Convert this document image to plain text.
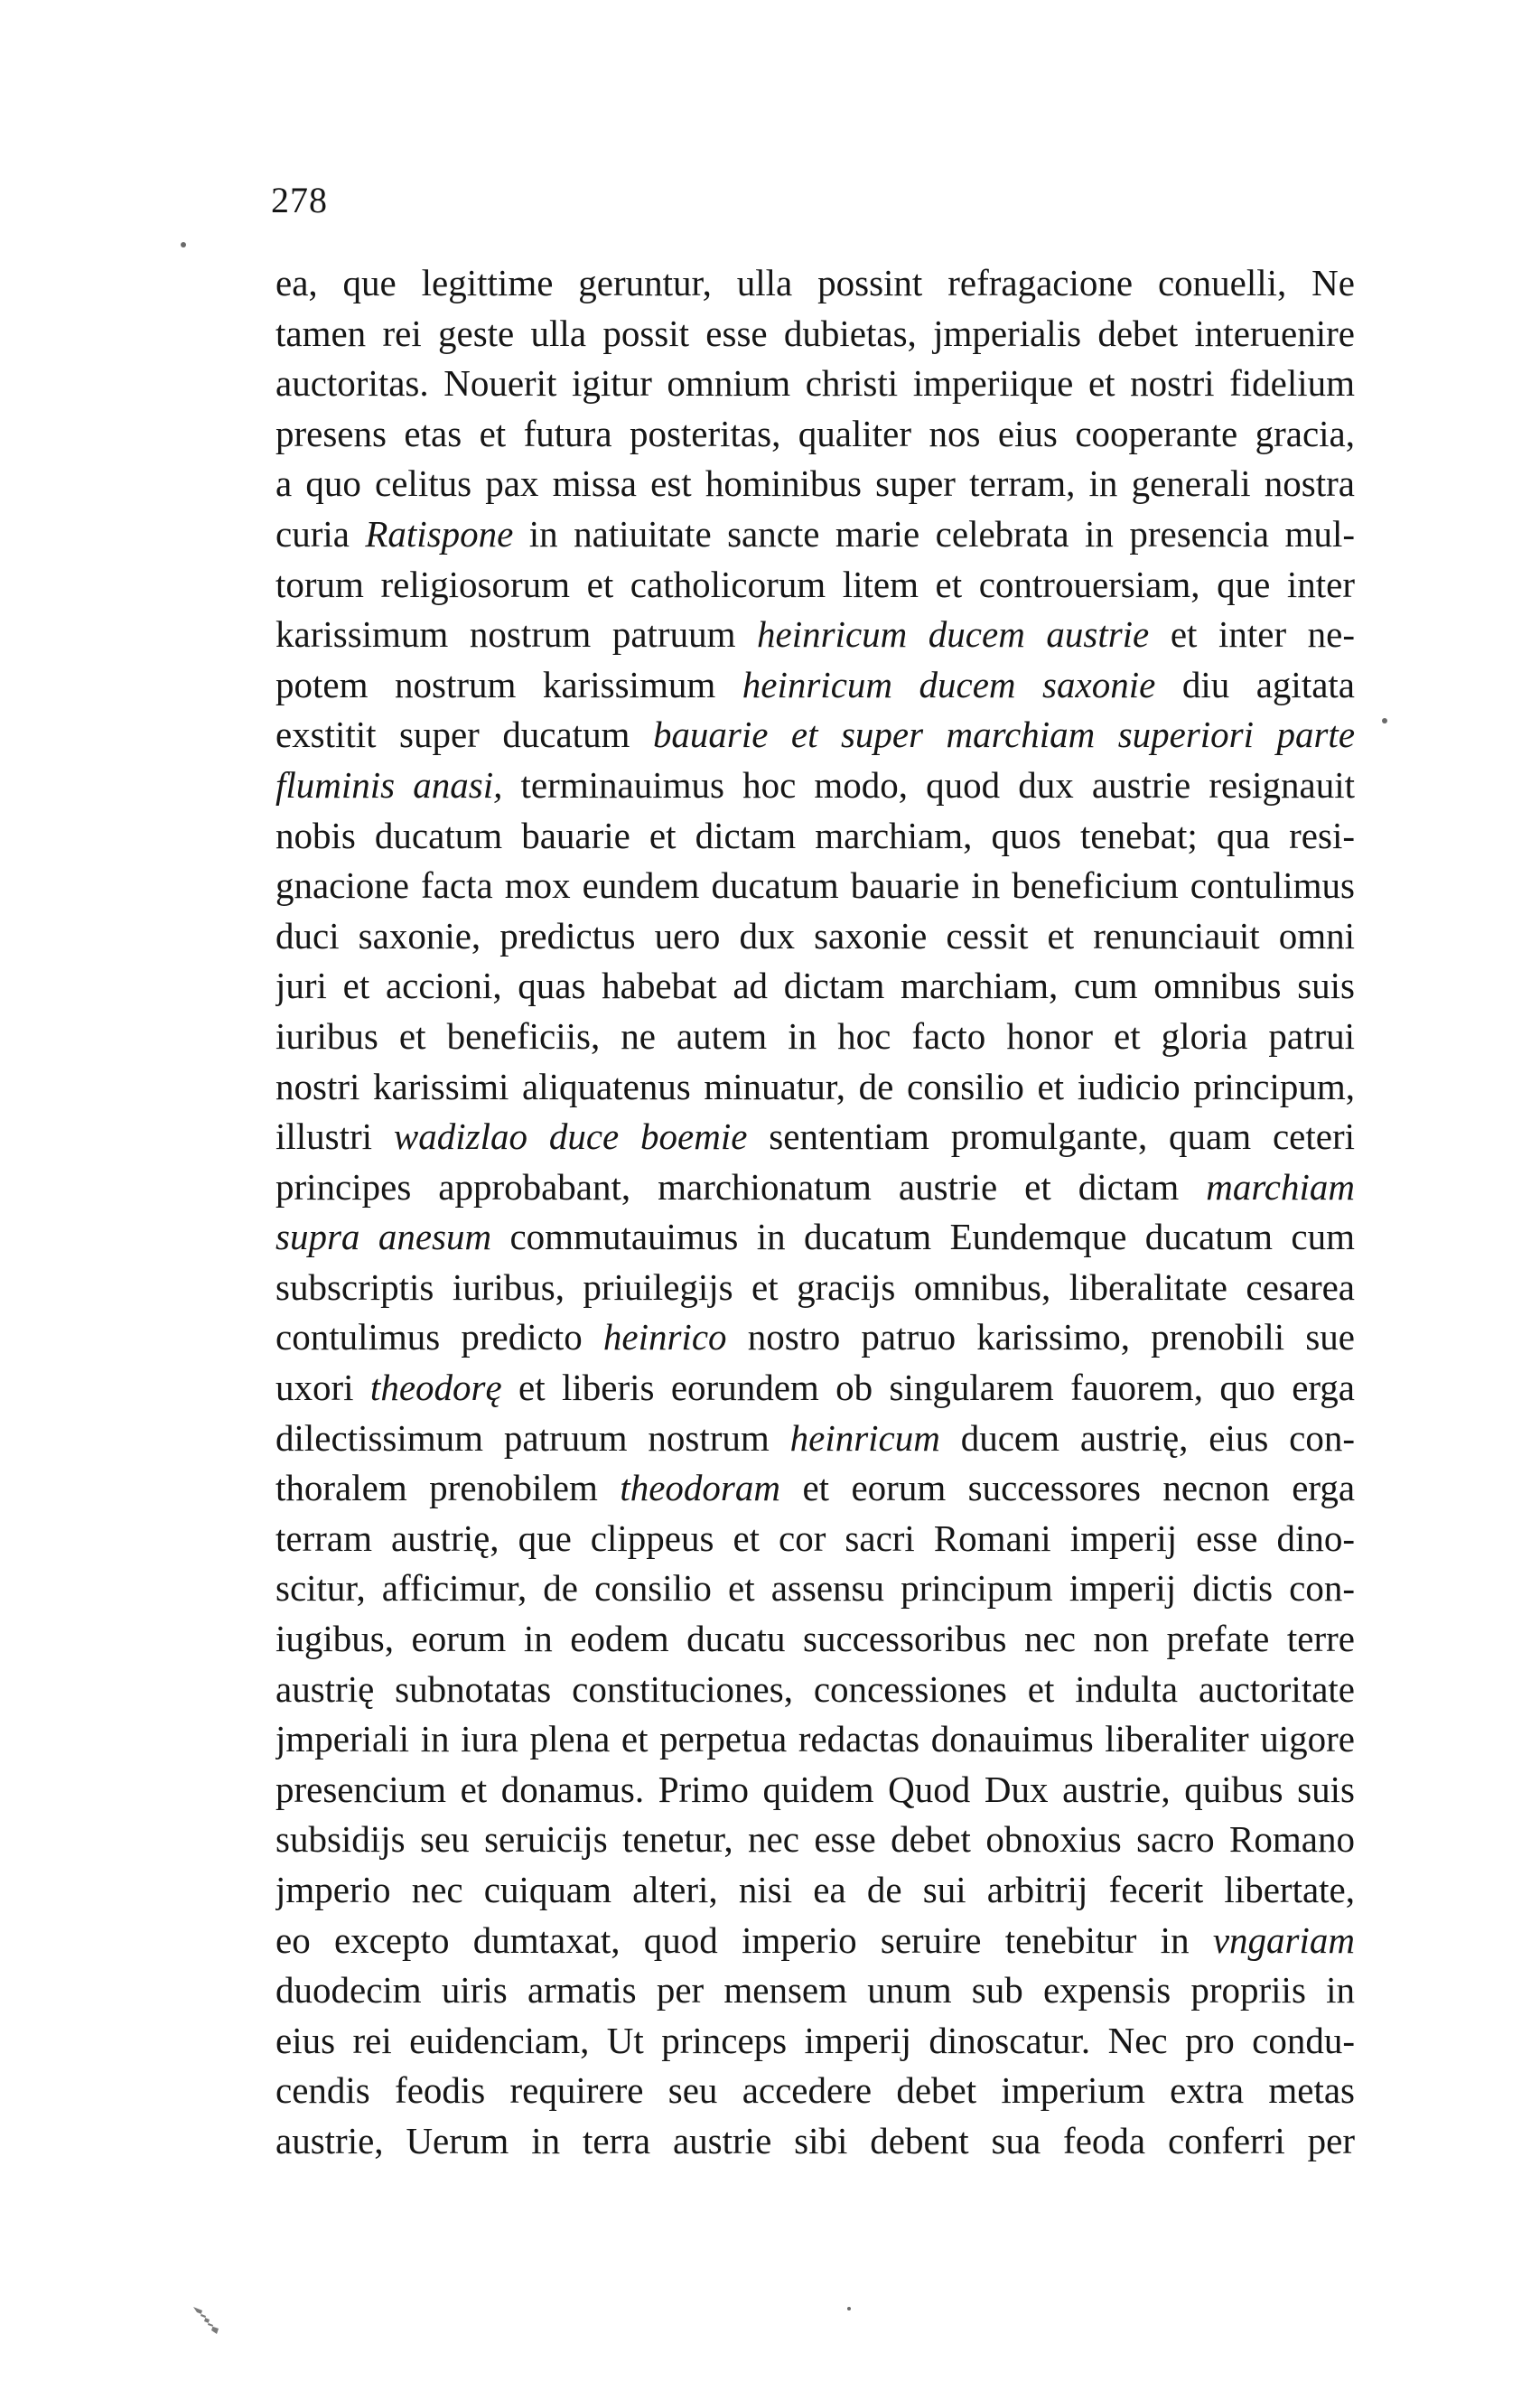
278
ea, que legittime geruntur, ulla possint refragacione conuelli, Ne
tamen rei geste ulla possit esse dubietas, jmperialis debet interuenire
auctoritas. Nouerit igitur omnium christi imperiique et nostri fidelium
presens etas et futura posteritas, qualiter nos eius cooperante gracia,
a quo celitus pax missa est hominibus super terram, in generali nostra
curia Ratispone in natiuitate sancte marie celebrata in presencia mul-
torum religiosorum et catholicorum litem et controuersiam, que inter
karissimum nostrum patruum heinricum ducem austrie et inter ne-
potem nostrum karissimum heinricum ducem saxonie diu agitata
exstitit super ducatum bauarie et super marchiam superiori parte
fluminis anasi, terminauimus hoc modo, quod dux austrie resignauit
nobis ducatum bauarie et dictam marchiam, quos tenebat; qua resi-
gnacione facta mox eundem ducatum bauarie in beneficium contulimus
duci saxonie, predictus uero dux saxonie cessit et renunciauit omni
juri et accioni, quas habebat ad dictam marchiam, cum omnibus suis
iuribus et beneficiis, ne autem in hoc facto honor et gloria patrui
nostri karissimi aliquatenus minuatur, de consilio et iudicio principum,
illustri wadizlao duce boemie sententiam promulgante, quam ceteri
principes approbabant, marchionatum austrie et dictam marchiam
supra anesum commutauimus in ducatum Eundemque ducatum cum
subscriptis iuribus, priuilegijs et gracijs omnibus, liberalitate cesarea
contulimus predicto heinrico nostro patruo karissimo, prenobili sue
uxori theodorę et liberis eorundem ob singularem fauorem, quo erga
dilectissimum patruum nostrum heinricum ducem austrię, eius con-
thoralem prenobilem theodoram et eorum successores necnon erga
terram austrię, que clippeus et cor sacri Romani imperij esse dino-
scitur, afficimur, de consilio et assensu principum imperij dictis con-
iugibus, eorum in eodem ducatu successoribus nec non prefate terre
austrię subnotatas constituciones, concessiones et indulta auctoritate
jmperiali in iura plena et perpetua redactas donauimus liberaliter uigore
presencium et donamus. Primo quidem Quod Dux austrie, quibus suis
subsidijs seu seruicijs tenetur, nec esse debet obnoxius sacro Romano
jmperio nec cuiquam alteri, nisi ea de sui arbitrij fecerit libertate,
eo excepto dumtaxat, quod imperio seruire tenebitur in vngariam
duodecim uiris armatis per mensem unum sub expensis propriis in
eius rei euidenciam, Ut princeps imperij dinoscatur. Nec pro condu-
cendis feodis requirere seu accedere debet imperium extra metas
austrie, Uerum in terra austrie sibi debent sua feoda conferri per
